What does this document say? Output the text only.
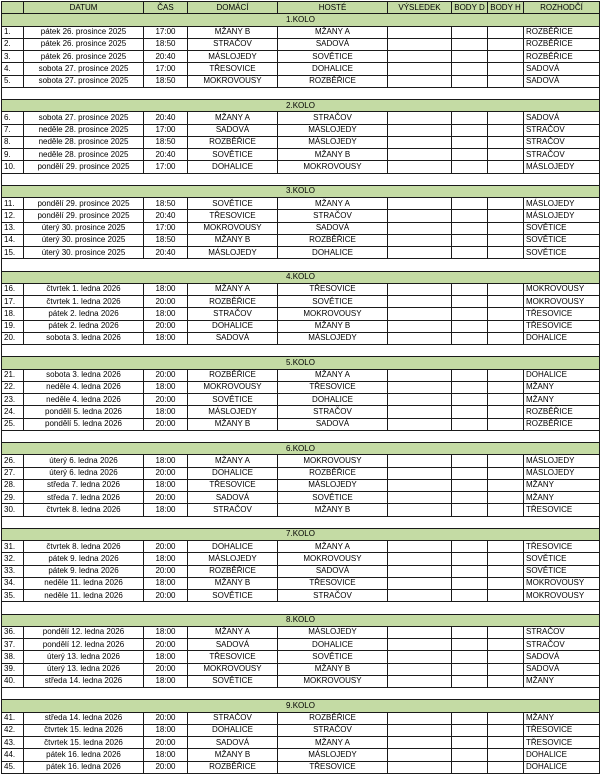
	DATUM	ČAS	DOMÁCÍ	HOSTÉ	VÝSLEDEK	BODY D	BODY H	ROZHODČÍ
1.KOLO								
1.	pátek 26. prosince 2025	17:00	MŽANY B	MŽANY A				ROZBĚŘICE
2.	pátek 26. prosince 2025	18:50	STRAČOV	SADOVÁ				ROZBĚŘICE
3.	pátek 26. prosince 2025	20:40	MÁSLOJEDY	SOVĚTICE				ROZBĚŘICE
4.	sobota 27. prosince 2025	17:00	TŘESOVICE	DOHALICE				SADOVÁ
5.	sobota 27. prosince 2025	18:50	MOKROVOUSY	ROZBĚŘICE				SADOVÁ

2.KOLO								
6.	sobota 27. prosince 2025	20:40	MŽANY A	STRAČOV				SADOVÁ
7.	neděle 28. prosince 2025	17:00	SADOVÁ	MÁSLOJEDY				STRAČOV
8.	neděle 28. prosince 2025	18:50	ROZBĚŘICE	MÁSLOJEDY				STRAČOV
9.	neděle 28. prosince 2025	20:40	SOVĚTICE	MŽANY B				STRAČOV
10.	pondělí 29. prosince 2025	17:00	DOHALICE	MOKROVOUSY				MÁSLOJEDY

3.KOLO								
11.	pondělí 29. prosince 2025	18:50	SOVĚTICE	MŽANY A				MÁSLOJEDY
12.	pondělí 29. prosince 2025	20:40	TŘESOVICE	STRAČOV				MÁSLOJEDY
13.	úterý 30. prosince 2025	17:00	MOKROVOUSY	SADOVÁ				SOVĚTICE
14.	úterý 30. prosince 2025	18:50	MŽANY B	ROZBĚŘICE				SOVĚTICE
15.	úterý 30. prosince 2025	20:40	MÁSLOJEDY	DOHALICE				SOVĚTICE

4.KOLO								
16.	čtvrtek 1. ledna 2026	18:00	MŽANY A	TŘESOVICE				MOKROVOUSY
17.	čtvrtek 1. ledna 2026	20:00	ROZBĚŘICE	SOVĚTICE				MOKROVOUSY
18.	pátek 2. ledna 2026	18:00	STRAČOV	MOKROVOUSY				TŘESOVICE
19.	pátek 2. ledna 2026	20:00	DOHALICE	MŽANY B				TŘESOVICE
20.	sobota 3. ledna 2026	18:00	SADOVÁ	MÁSLOJEDY				DOHALICE

5.KOLO								
21.	sobota 3. ledna 2026	20:00	ROZBĚŘICE	MŽANY A				DOHALICE
22.	neděle 4. ledna 2026	18:00	MOKROVOUSY	TŘESOVICE				MŽANY
23.	neděle 4. ledna 2026	20:00	SOVĚTICE	DOHALICE				MŽANY
24.	pondělí 5. ledna 2026	18:00	MÁSLOJEDY	STRAČOV				ROZBĚŘICE
25.	pondělí 5. ledna 2026	20:00	MŽANY B	SADOVÁ				ROZBĚŘICE

6.KOLO								
26.	úterý 6. ledna 2026	18:00	MŽANY A	MOKROVOUSY				MÁSLOJEDY
27.	úterý 6. ledna 2026	20:00	DOHALICE	ROZBĚŘICE				MÁSLOJEDY
28.	středa 7. ledna 2026	18:00	TŘESOVICE	MÁSLOJEDY				MŽANY
29.	středa 7. ledna 2026	20:00	SADOVÁ	SOVĚTICE				MŽANY
30.	čtvrtek 8. ledna 2026	18:00	STRAČOV	MŽANY B				TŘESOVICE

7.KOLO								
31.	čtvrtek 8. ledna 2026	20:00	DOHALICE	MŽANY A				TŘESOVICE
32.	pátek 9. ledna 2026	18:00	MÁSLOJEDY	MOKROVOUSY				SOVĚTICE
33.	pátek 9. ledna 2026	20:00	ROZBĚŘICE	SADOVÁ				SOVĚTICE
34.	neděle 11. ledna 2026	18:00	MŽANY B	TŘESOVICE				MOKROVOUSY
35.	neděle 11. ledna 2026	20:00	SOVĚTICE	STRAČOV				MOKROVOUSY

8.KOLO								
36.	pondělí 12. ledna 2026	18:00	MŽANY A	MÁSLOJEDY				STRAČOV
37.	pondělí 12. ledna 2026	20:00	SADOVÁ	DOHALICE				STRAČOV
38.	úterý 13. ledna 2026	18:00	TŘESOVICE	SOVĚTICE				SADOVÁ
39.	úterý 13. ledna 2026	20:00	MOKROVOUSY	MŽANY B				SADOVÁ
40.	středa 14. ledna 2026	18:00	SOVĚTICE	MOKROVOUSY				MŽANY

9.KOLO								
41.	středa 14. ledna 2026	20:00	STRAČOV	ROZBĚŘICE				MŽANY
42.	čtvrtek 15. ledna 2026	18:00	DOHALICE	STRAČOV				TŘESOVICE
43.	čtvrtek 15. ledna 2026	20:00	SADOVÁ	MŽANY A				TŘESOVICE
44.	pátek 16. ledna 2026	18:00	MŽANY B	MÁSLOJEDY				DOHALICE
45.	pátek 16. ledna 2026	20:00	ROZBĚŘICE	TŘESOVICE				DOHALICE
